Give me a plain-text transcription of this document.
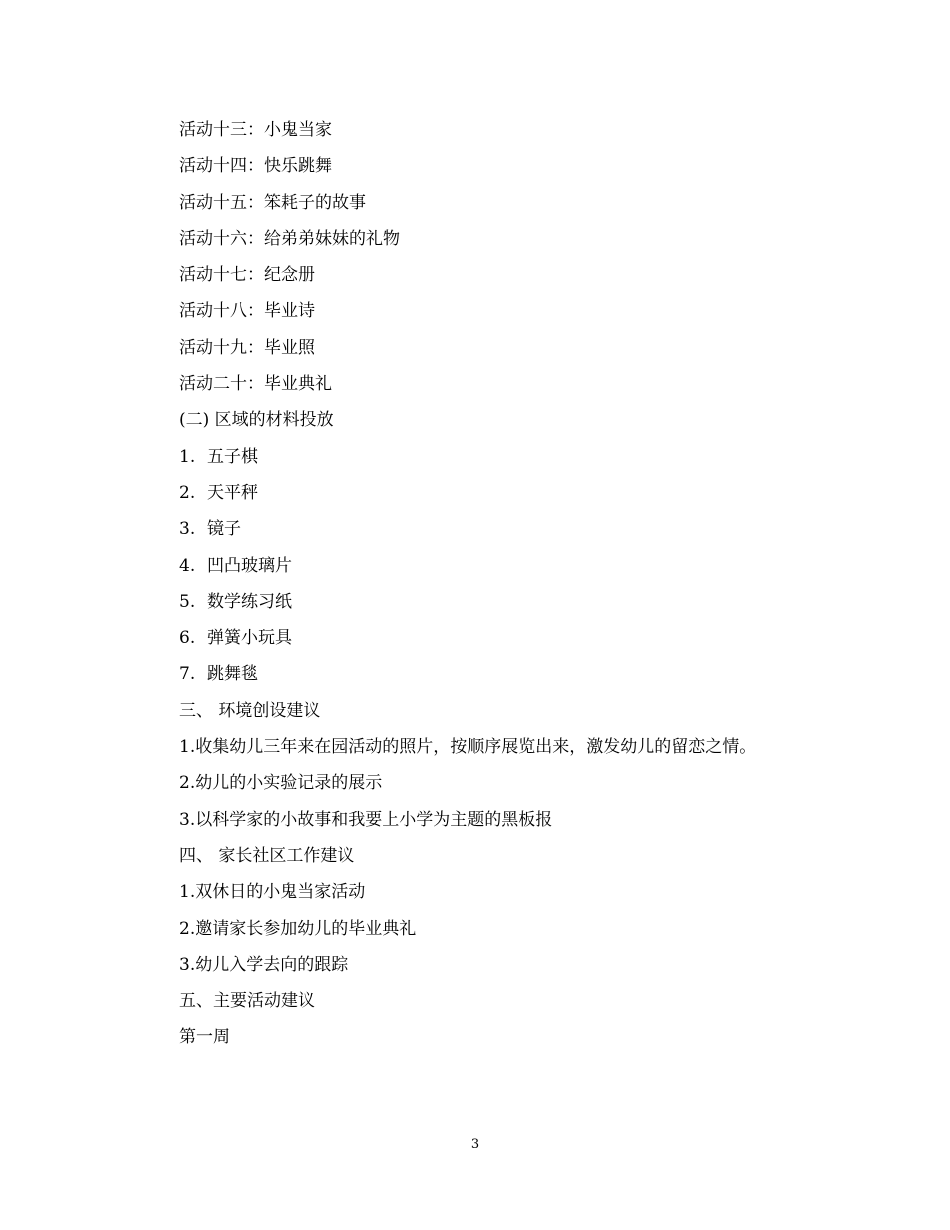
活动十三：小鬼当家
活动十四：快乐跳舞
活动十五：笨耗子的故事
活动十六：给弟弟妹妹的礼物
活动十七：纪念册
活动十八：毕业诗
活动十九：毕业照
活动二十：毕业典礼
(二) 区域的材料投放
1. 五子棋
2. 天平秤
3. 镜子
4. 凹凸玻璃片
5. 数学练习纸
6. 弹簧小玩具
7. 跳舞毯
三、 环境创设建议
1.收集幼儿三年来在园活动的照片，按顺序展览出来，激发幼儿的留恋之情。
2.幼儿的小实验记录的展示
3.以科学家的小故事和我要上小学为主题的黑板报
四、 家长社区工作建议
1.双休日的小鬼当家活动
2.邀请家长参加幼儿的毕业典礼
3.幼儿入学去向的跟踪
五、主要活动建议
第一周
3
